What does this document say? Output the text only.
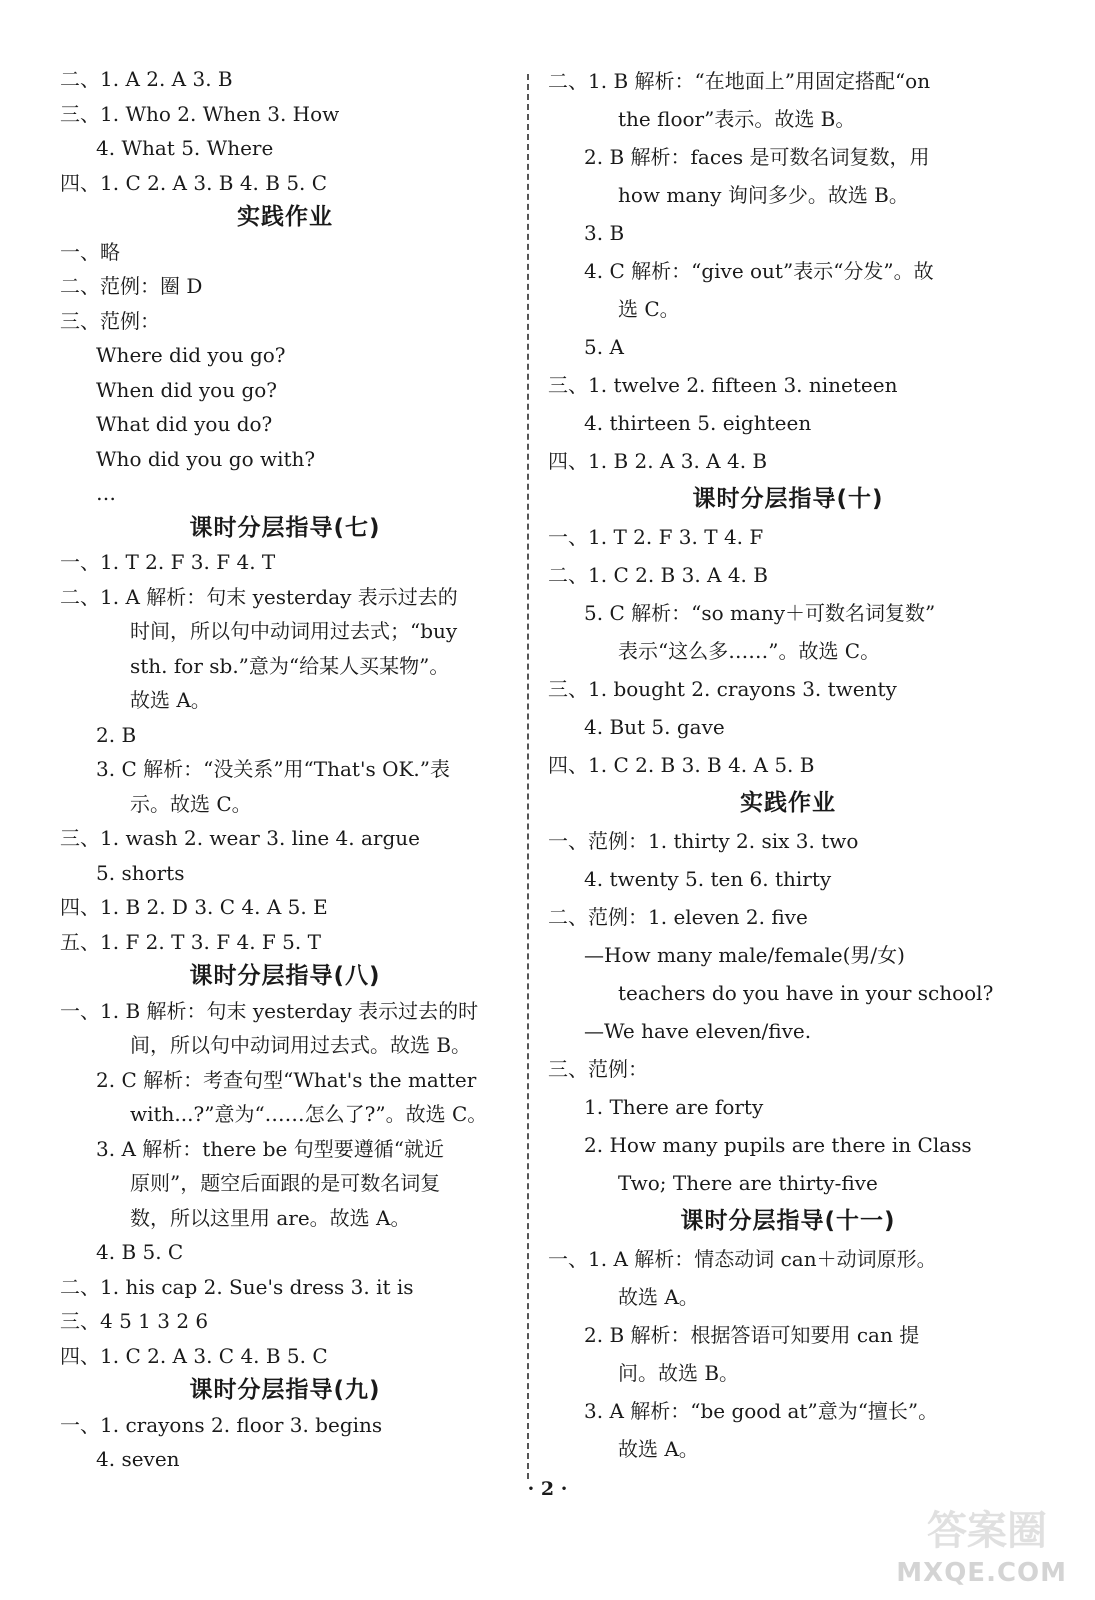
二、1. A 2. A 3. B
三、1. Who 2. When 3. How
4. What 5. Where
四、1. C 2. A 3. B 4. B 5. C
实践作业
一、略
二、范例：圈 D
三、范例：
Where did you go?
When did you go?
What did you do?
Who did you go with?
…
课时分层指导(七)
一、1. T 2. F 3. F 4. T
二、1. A 解析：句末 yesterday 表示过去的
时间，所以句中动词用过去式；“buy
sth. for sb.”意为“给某人买某物”。
故选 A。
2. B
3. C 解析：“没关系”用“That's OK.”表
示。故选 C。
三、1. wash 2. wear 3. line 4. argue
5. shorts
四、1. B 2. D 3. C 4. A 5. E
五、1. F 2. T 3. F 4. F 5. T
课时分层指导(八)
一、1. B 解析：句末 yesterday 表示过去的时
间，所以句中动词用过去式。故选 B。
2. C 解析：考查句型“What's the matter
with...?”意为“……怎么了?”。故选 C。
3. A 解析：there be 句型要遵循“就近
原则”，题空后面跟的是可数名词复
数，所以这里用 are。故选 A。
4. B 5. C
二、1. his cap 2. Sue's dress 3. it is
三、4 5 1 3 2 6
四、1. C 2. A 3. C 4. B 5. C
课时分层指导(九)
一、1. crayons 2. floor 3. begins
4. seven
二、1. B 解析：“在地面上”用固定搭配“on
the floor”表示。故选 B。
2. B 解析：faces 是可数名词复数，用
how many 询问多少。故选 B。
3. B
4. C 解析：“give out”表示“分发”。故
选 C。
5. A
三、1. twelve 2. fifteen 3. nineteen
4. thirteen 5. eighteen
四、1. B 2. A 3. A 4. B
课时分层指导(十)
一、1. T 2. F 3. T 4. F
二、1. C 2. B 3. A 4. B
5. C 解析：“so many＋可数名词复数”
表示“这么多……”。故选 C。
三、1. bought 2. crayons 3. twenty
4. But 5. gave
四、1. C 2. B 3. B 4. A 5. B
实践作业
一、范例：1. thirty 2. six 3. two
4. twenty 5. ten 6. thirty
二、范例：1. eleven 2. five
—How many male/female(男/女)
teachers do you have in your school?
—We have eleven/five.
三、范例：
1. There are forty
2. How many pupils are there in Class
Two; There are thirty-five
课时分层指导(十一)
一、1. A 解析：情态动词 can＋动词原形。
故选 A。
2. B 解析：根据答语可知要用 can 提
问。故选 B。
3. A 解析：“be good at”意为“擅长”。
故选 A。
· 2 ·
答案圈
MXQE.COM
